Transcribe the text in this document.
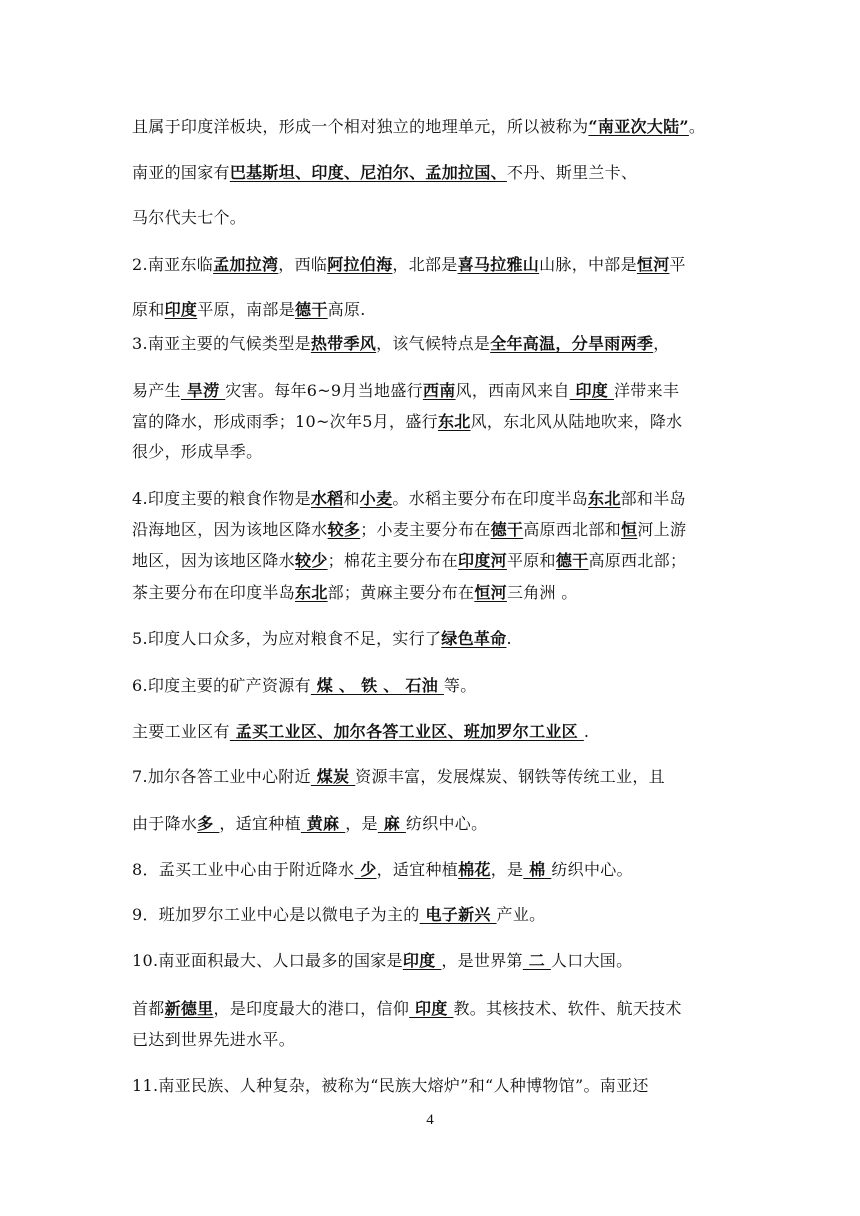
且属于印度洋板块，形成一个相对独立的地理单元，所以被称为“南亚次大陆”。
南亚的国家有巴基斯坦、印度、尼泊尔、孟加拉国、不丹、斯里兰卡、
马尔代夫七个。
2.南亚东临孟加拉湾，西临阿拉伯海，北部是喜马拉雅山山脉，中部是恒河平
原和印度平原，南部是德干高原.
3.南亚主要的气候类型是热带季风，该气候特点是全年高温，分旱雨两季，
易产生 旱涝 灾害。每年6~9月当地盛行西南风，西南风来自 印度 洋带来丰
富的降水，形成雨季；10~次年5月，盛行东北风，东北风从陆地吹来，降水
很少，形成旱季。
4.印度主要的粮食作物是水稻和小麦。水稻主要分布在印度半岛东北部和半岛
沿海地区，因为该地区降水较多；小麦主要分布在德干高原西北部和恒河上游
地区，因为该地区降水较少；棉花主要分布在印度河平原和德干高原西北部；
茶主要分布在印度半岛东北部；黄麻主要分布在恒河三角洲 。
5.印度人口众多，为应对粮食不足，实行了绿色革命.
6.印度主要的矿产资源有 煤 、 铁 、 石油 等。
主要工业区有 孟买工业区、加尔各答工业区、班加罗尔工业区 .
7.加尔各答工业中心附近 煤炭 资源丰富，发展煤炭、钢铁等传统工业，且
由于降水多 ，适宜种植 黄麻 ，是 麻 纺织中心。
8．孟买工业中心由于附近降水 少，适宜种植棉花，是 棉 纺织中心。
9．班加罗尔工业中心是以微电子为主的 电子新兴 产业。
10.南亚面积最大、人口最多的国家是印度 ，是世界第 二 人口大国。
首都新德里，是印度最大的港口，信仰 印度 教。其核技术、软件、航天技术
已达到世界先进水平。
11.南亚民族、人种复杂，被称为“民族大熔炉”和“人种博物馆”。南亚还
4
